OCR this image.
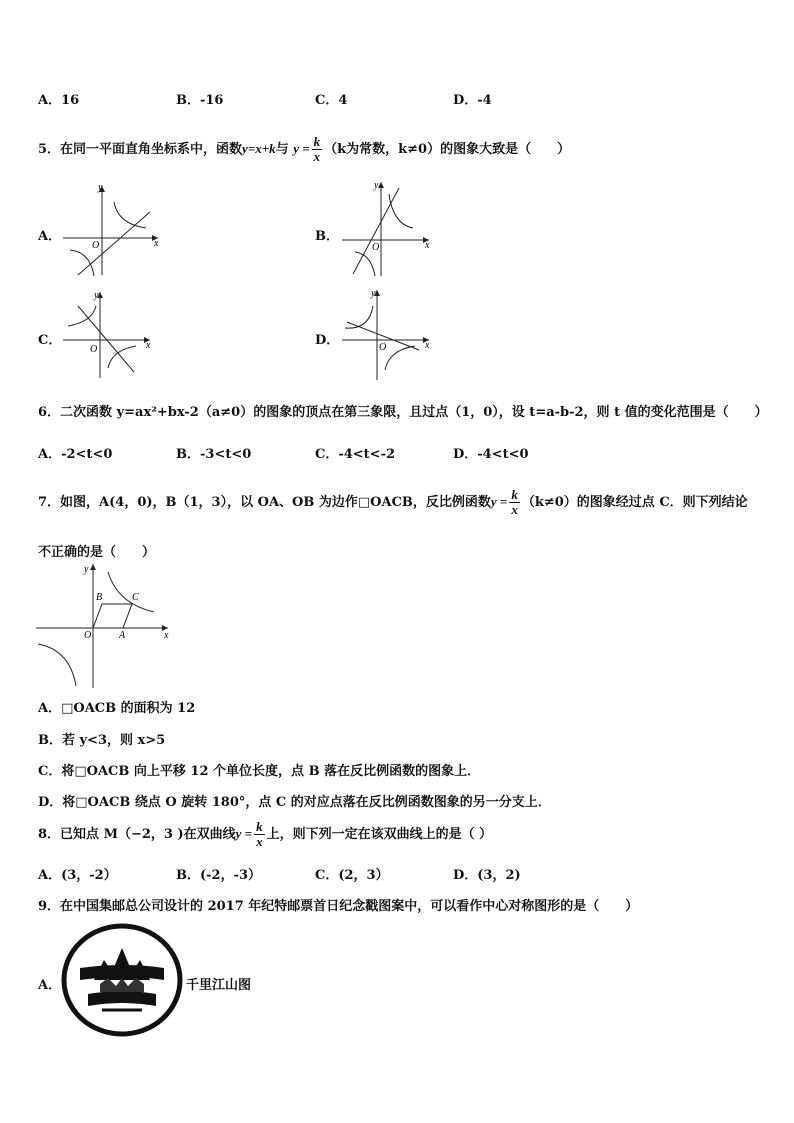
A．16	B．-16	C．4	D．-4
5．在同一平面直角坐标系中，函数y=x+k与 $y = \frac{k}{x} (k$为常数，k≠0）的图象大致是（　　）
A．	B．
C．	D．
x
y
O	x
y
O
x
y
O	x
y
O
6．二次函数 y=ax²+bx-2（a≠0）的图象的顶点在第三象限，且过点（1，0），设 t=a-b-2，则 t 值的变化范围是（　　）
A．-2<t<0	B．-3<t<0	C．-4<t<-2	D．-4<t<0
7．如图，A(4，0)，B（1，3），以 OA、OB 为边作□OACB，反比例函数$y = \frac{k}{x} (k\ne 0)$的图象经过点 C．则下列结论
不正确的是（　　）
x
y
O	A
B	C
A．□OACB 的面积为 12
B．若 y<3，则 x>5
C．将□OACB 向上平移 12 个单位长度，点 B 落在反比例函数的图象上．
D．将□OACB 绕点 O 旋转 180°，点 C 的对应点落在反比例函数图象的另一分支上．
8．已知点 M（−2，3 )在双曲线$y = \frac{k}{x}$ 上，则下列一定在该双曲线上的是（ ）
A．(3，-2）	B．(-2，-3）	C．(2，3）	D．(3，2)
9．在中国集邮总公司设计的 2017 年纪特邮票首日纪念戳图案中，可以看作中心对称图形的是（　　）
A．	千里江山图
